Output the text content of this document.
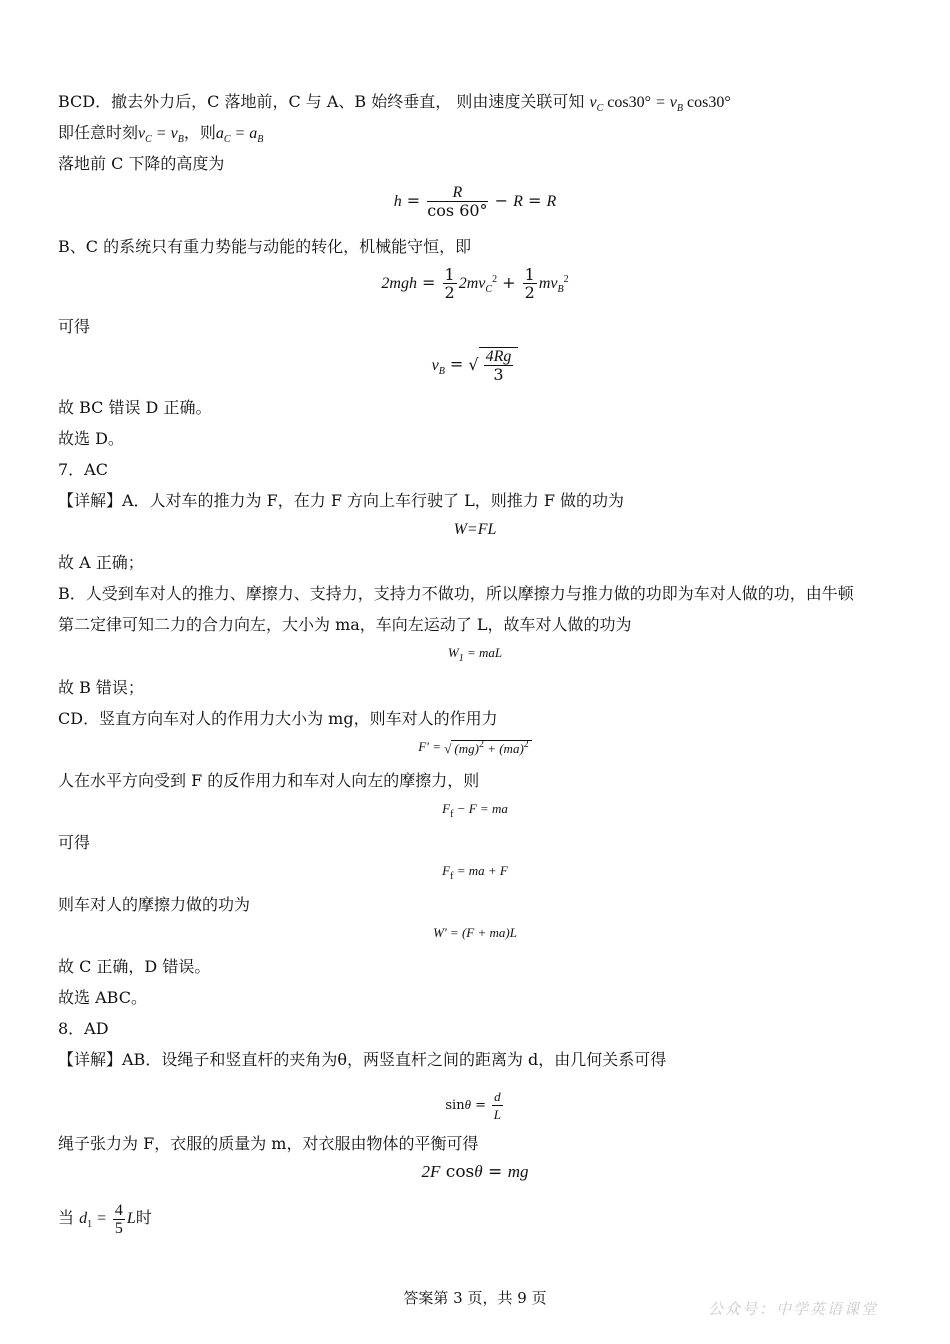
BCD．撤去外力后，C 落地前，C 与 A、B 始终垂直， 则由速度关联可知 $v_C$ $\cos 30^\circ = v_B$ cos30°
即任意时刻$v_C = v_B$，则$a_C = a_B$
落地前 C 下降的高度为
$h = \frac{R}{\cos 60^\circ} - R = R$
B、C 的系统只有重力势能与动能的转化，机械能守恒，即
$2mgh = \frac{1}{2} 2mv_C^2 + \frac{1}{2} mv_B^2$
可得
$v_B$ = √ $\frac{4Rg}{3}$
故 BC 错误 D 正确。
故选 D。
7．AC
【详解】A．人对车的推力为 F，在力 F 方向上车行驶了 L，则推力 F 做的功为
W=FL
故 A 正确；
B．人受到车对人的推力、摩擦力、支持力，支持力不做功，所以摩擦力与推力做的功即为车对人做的功，由牛顿
第二定律可知二力的合力向左，大小为 ma，车向左运动了 L，故车对人做的功为
$W_1$ = maL
故 B 错误；
CD．竖直方向车对人的作用力大小为 mg，则车对人的作用力
F′ = √ (mg)$^2$ + (ma)$^2$
人在水平方向受到 F 的反作用力和车对人向左的摩擦力，则
$F_f - F$ = ma
可得
$F_f$ = ma + F
则车对人的摩擦力做的功为
W' = (F + ma)L
故 C 正确，D 错误。
故选 ABC。
8．AD
【详解】AB．设绳子和竖直杆的夹角为θ，两竖直杆之间的距离为 d，由几何关系可得
$\sin\theta = \frac{d}{L}$
绳子张力为 F，衣服的质量为 m，对衣服由物体的平衡可得
2F cosθ = mg
当 $d_1 = \frac{4}{5}$ L时
答案第 3 页，共 9 页
公众号：中学英语课堂
